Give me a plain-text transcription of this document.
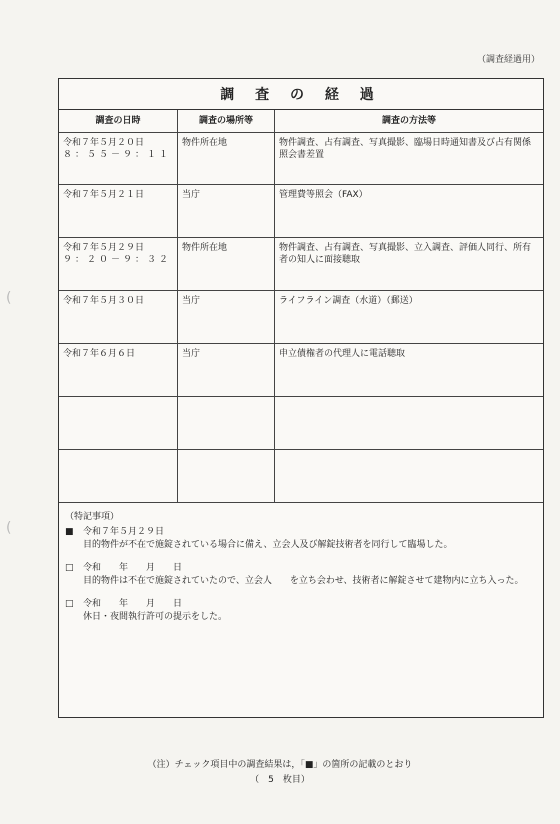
（調査経過用）
(
(
調 査 の 経 過
調査の日時	調査の場所等	調査の方法等

令和７年５月２０日
８：５５－９：１１	物件所在地	物件調査、占有調査、写真撮影、臨場日時通知書及び占有関係照会書差置

令和７年５月２１日	当庁	管理費等照会（FAX）

令和７年５月２９日
９：２０－９：３２	物件所在地	物件調査、占有調査、写真撮影、立入調査、評価人同行、所有者の知人に面接聴取

令和７年５月３０日	当庁	ライフライン調査（水道）（郵送）

令和７年６月６日	当庁	申立債権者の代理人に電話聴取

（特記事項）
■ 令和７年５月２９日
目的物件が不在で施錠されている場合に備え、立会人及び解錠技術者を同行して臨場した。
□ 令和　　年　　月　　日
目的物件は不在で施錠されていたので、立会人　　を立ち会わせ、技術者に解錠させて建物内に立ち入った。
□ 令和　　年　　月　　日
休日・夜間執行許可の提示をした。
（注）チェック項目中の調査結果は，「■」の箇所の記載のとおり
（　5　枚目）
